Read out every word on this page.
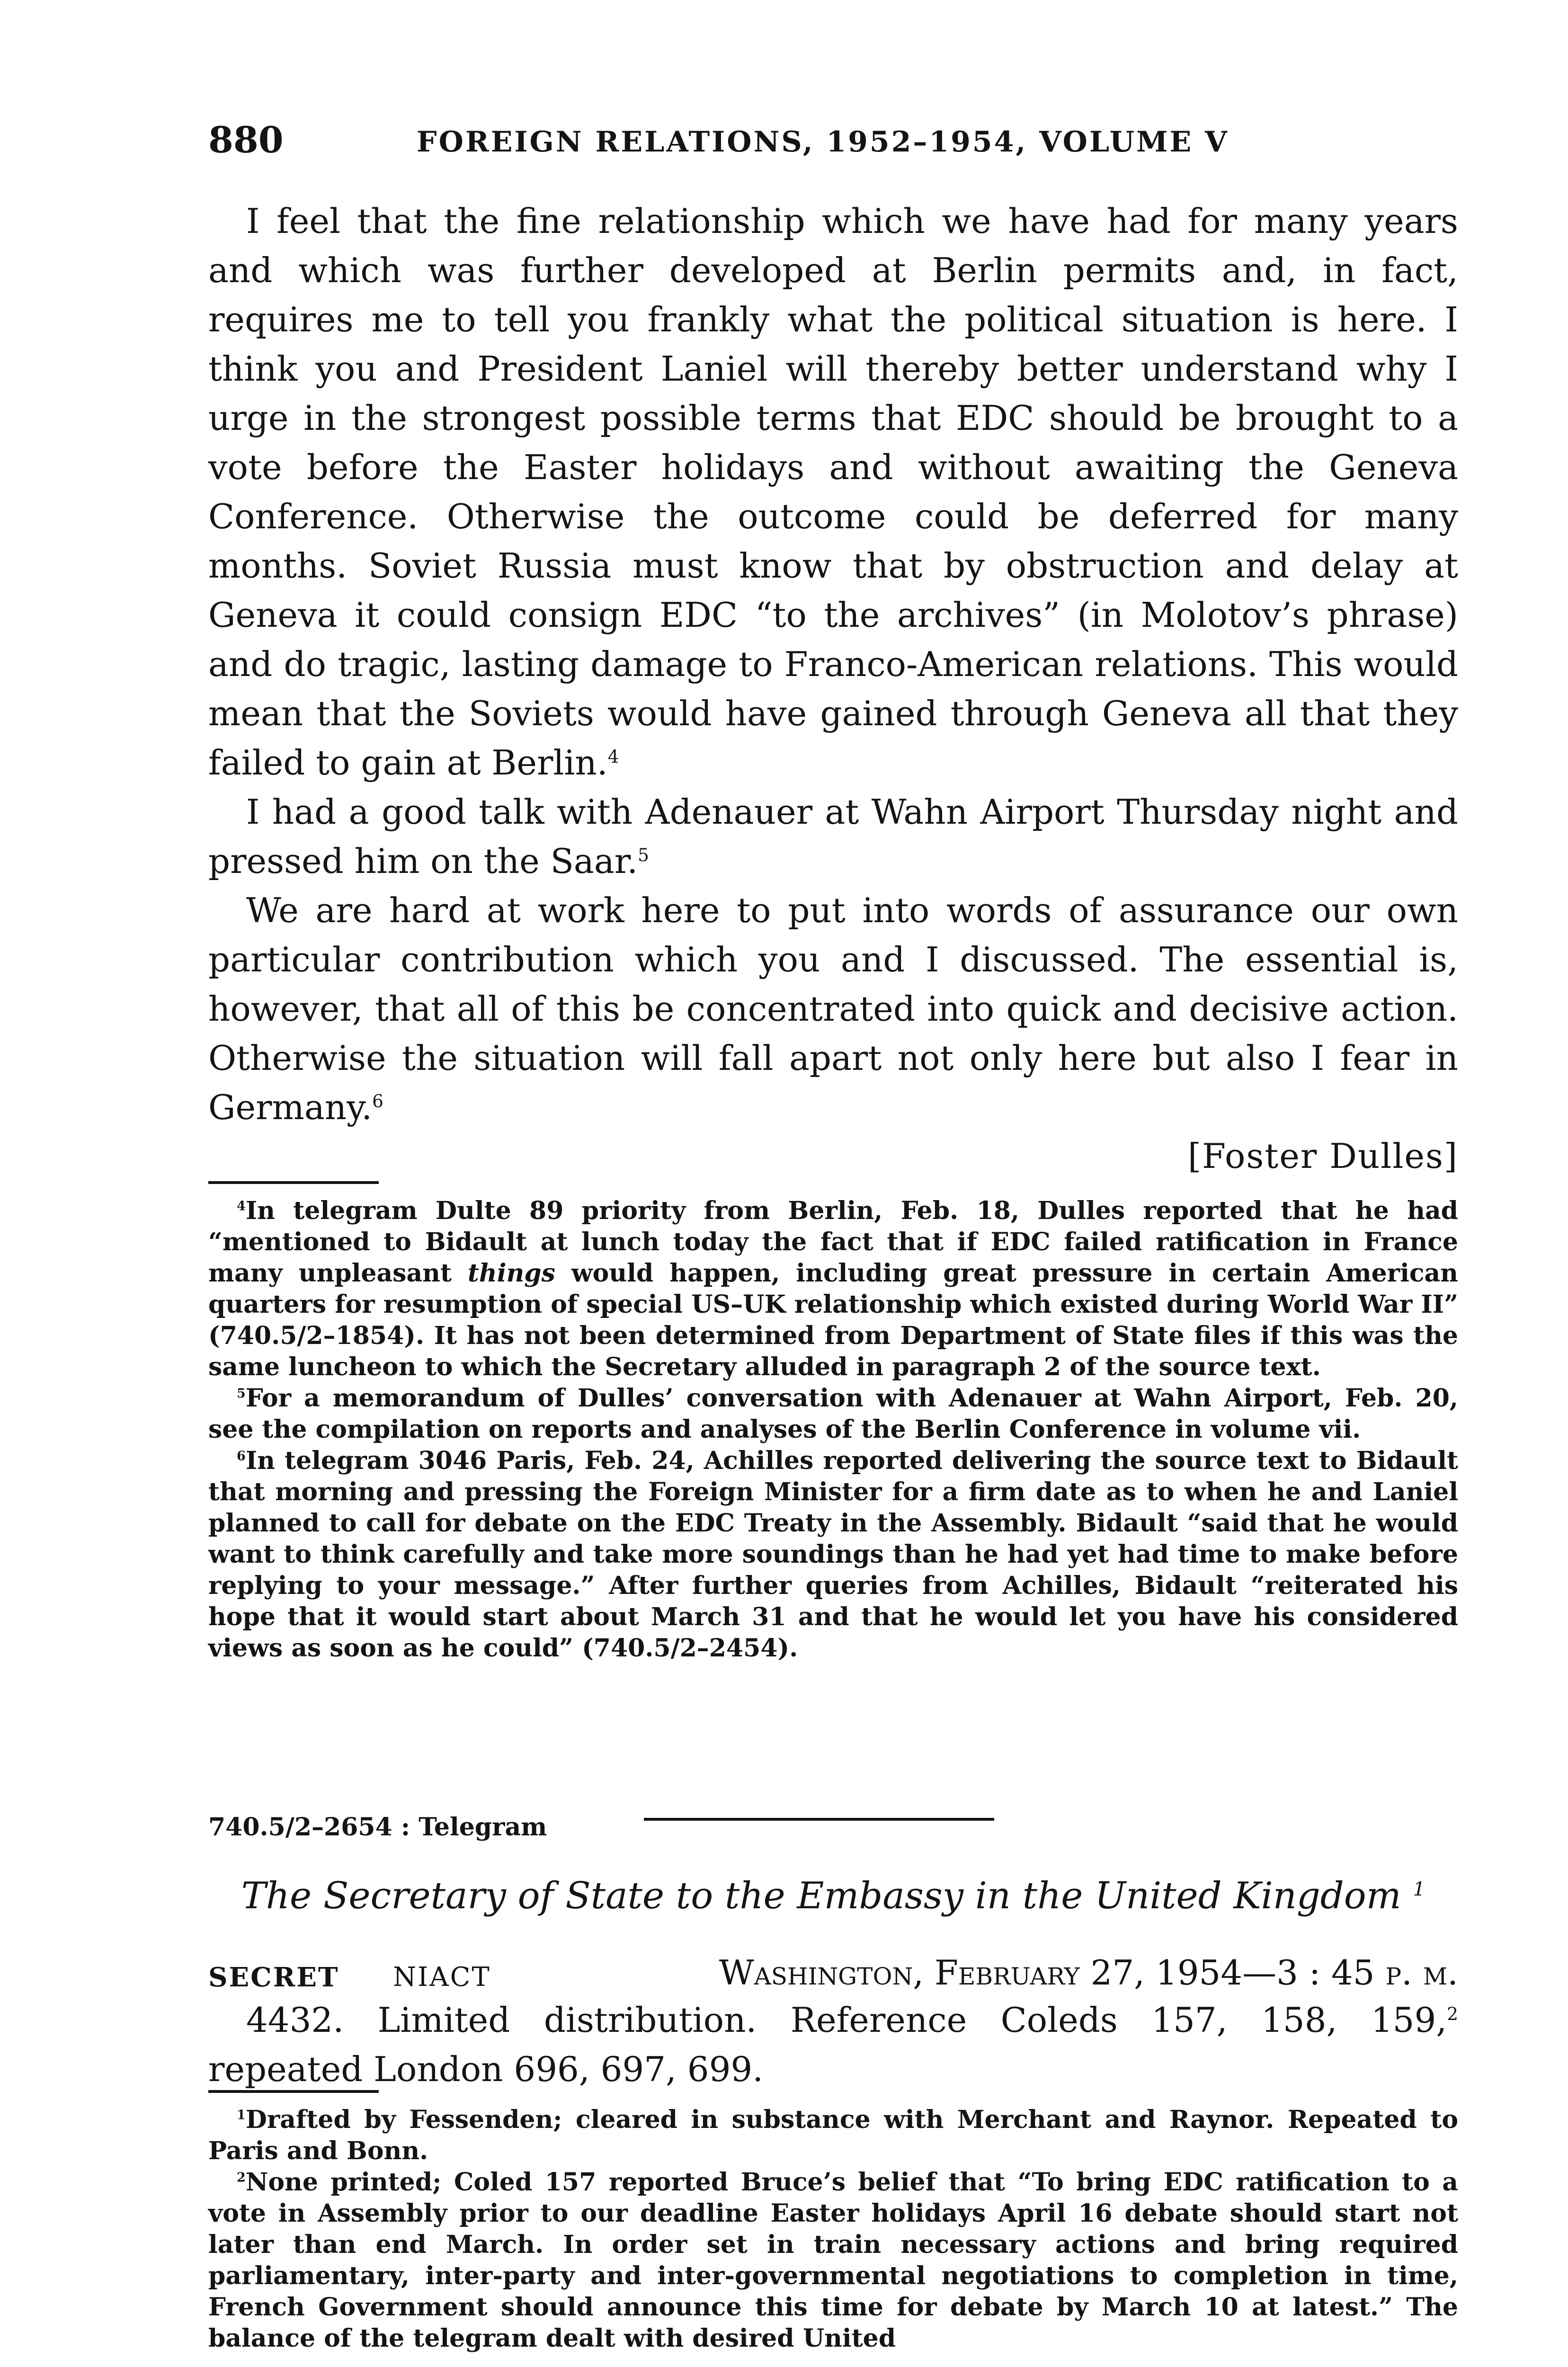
880	FOREIGN RELATIONS, 1952–1954, VOLUME V

I feel that the fine relationship which we have had for many years and which was further developed at Berlin permits and, in fact, requires me to tell you frankly what the political situation is here. I think you and President Laniel will thereby better understand why I urge in the strongest possible terms that EDC should be brought to a vote before the Easter holidays and without awaiting the Geneva Conference. Otherwise the outcome could be deferred for many months. Soviet Russia must know that by obstruction and delay at Geneva it could consign EDC “to the archives” (in Molotov’s phrase) and do tragic, lasting damage to Franco-American relations. This would mean that the Soviets would have gained through Geneva all that they failed to gain at Berlin.$^4$

I had a good talk with Adenauer at Wahn Airport Thursday night and pressed him on the Saar.$^5$

We are hard at work here to put into words of assurance our own particular contribution which you and I discussed. The essential is, however, that all of this be concentrated into quick and decisive action. Otherwise the situation will fall apart not only here but also I fear in Germany.$^6$

[Foster Dulles]

$^4$In telegram Dulte 89 priority from Berlin, Feb. 18, Dulles reported that he had “mentioned to Bidault at lunch today the fact that if EDC failed ratification in France many unpleasant things would happen, including great pressure in certain American quarters for resumption of special US–UK relationship which existed during World War II” (740.5/2–1854). It has not been determined from Department of State files if this was the same luncheon to which the Secretary alluded in paragraph 2 of the source text.

$^5$For a memorandum of Dulles’ conversation with Adenauer at Wahn Airport, Feb. 20, see the compilation on reports and analyses of the Berlin Conference in volume vii.

$^6$In telegram 3046 Paris, Feb. 24, Achilles reported delivering the source text to Bidault that morning and pressing the Foreign Minister for a firm date as to when he and Laniel planned to call for debate on the EDC Treaty in the Assembly. Bidault “said that he would want to think carefully and take more soundings than he had yet had time to make before replying to your message.” After further queries from Achilles, Bidault “reiterated his hope that it would start about March 31 and that he would let you have his considered views as soon as he could” (740.5/2–2454).

740.5/2–2654 : Telegram
The Secretary of State to the Embassy in the United Kingdom $^1$
SECRET NIACT	Washington, February 27, 1954—3 : 45 p. m.

4432. Limited distribution. Reference Coleds 157, 158, 159,$^2$ repeated London 696, 697, 699.

$^1$Drafted by Fessenden; cleared in substance with Merchant and Raynor. Repeated to Paris and Bonn.

$^2$None printed; Coled 157 reported Bruce’s belief that “To bring EDC ratification to a vote in Assembly prior to our deadline Easter holidays April 16 debate should start not later than end March. In order set in train necessary actions and bring required parliamentary, inter-party and inter-governmental negotiations to completion in time, French Government should announce this time for debate by March 10 at latest.” The balance of the telegram dealt with desired United
